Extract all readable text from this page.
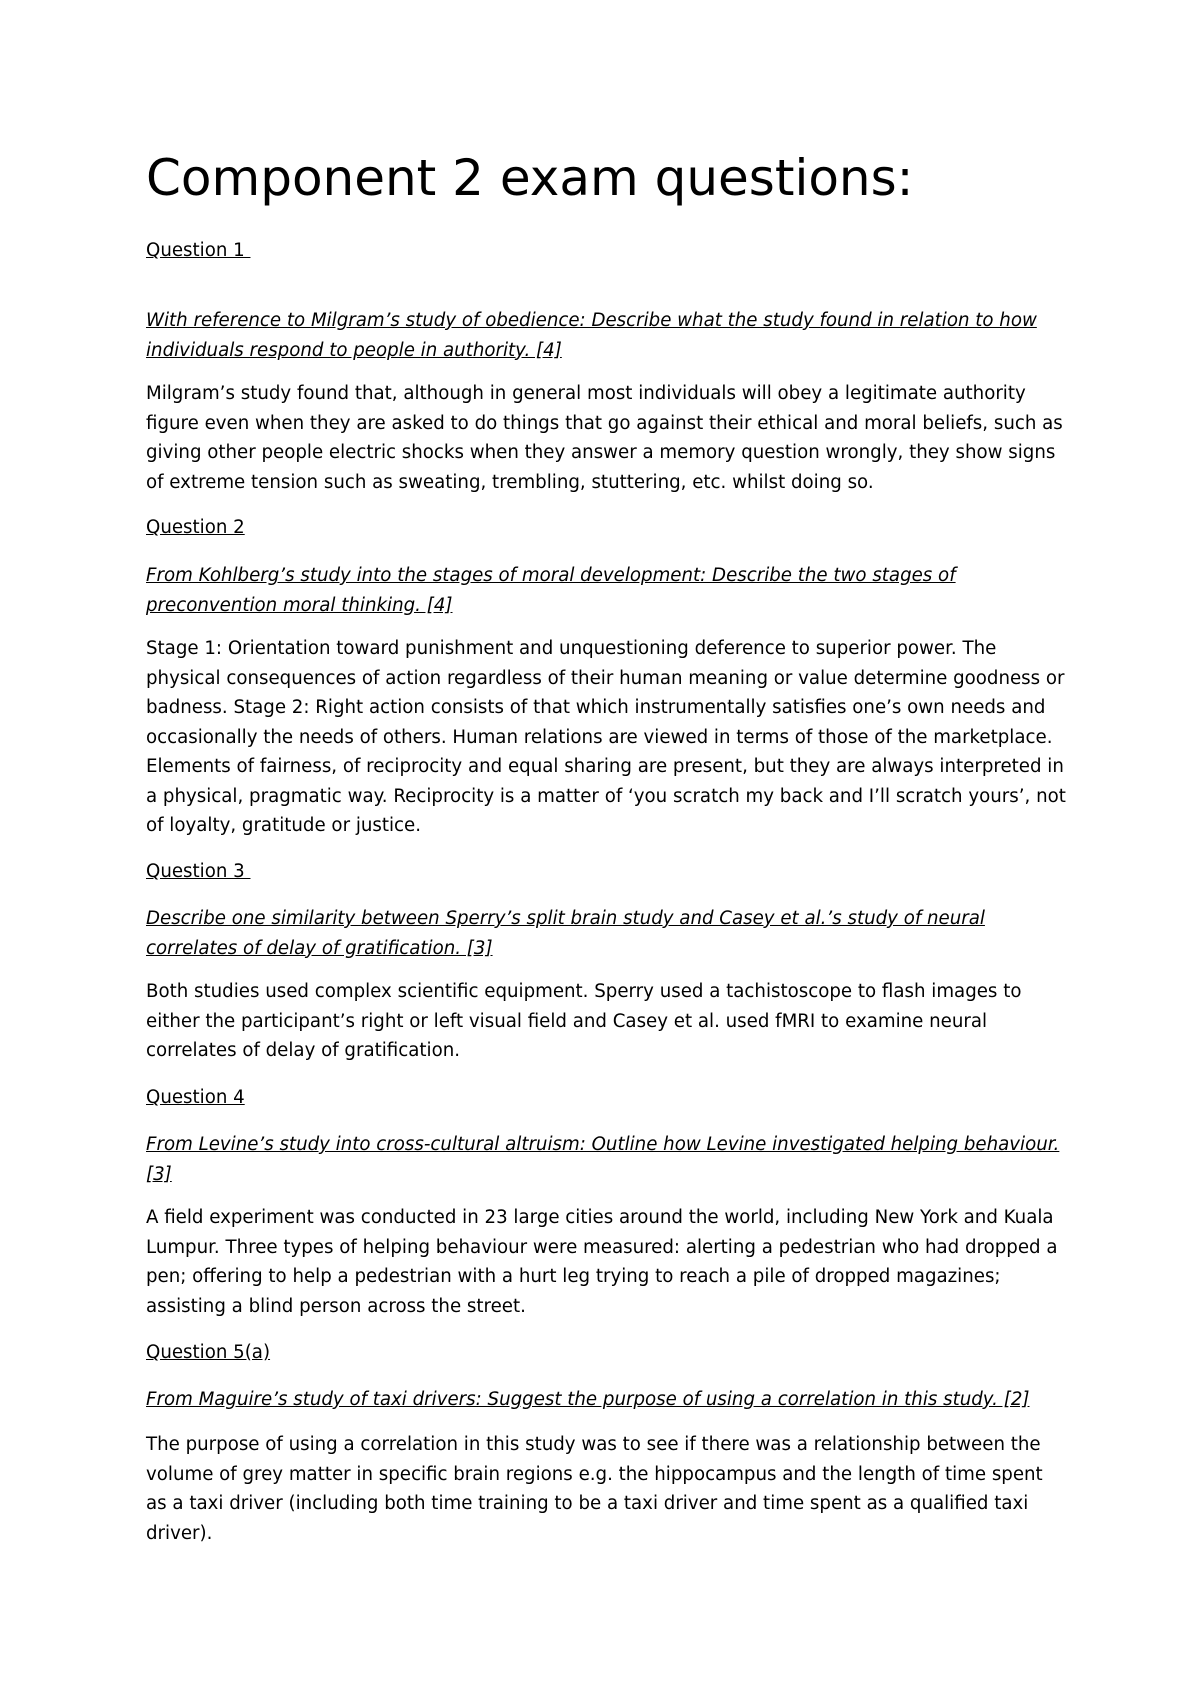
Component 2 exam questions:
Question 1
With reference to Milgram’s study of obedience: Describe what the study found in relation to how individuals respond to people in authority. [4]
Milgram’s study found that, although in general most individuals will obey a legitimate authority figure even when they are asked to do things that go against their ethical and moral beliefs, such as giving other people electric shocks when they answer a memory question wrongly, they show signs of extreme tension such as sweating, trembling, stuttering, etc. whilst doing so.
Question 2
From Kohlberg’s study into the stages of moral development: Describe the two stages of preconvention moral thinking. [4]
Stage 1: Orientation toward punishment and unquestioning deference to superior power. The physical consequences of action regardless of their human meaning or value determine goodness or badness. Stage 2: Right action consists of that which instrumentally satisfies one’s own needs and occasionally the needs of others. Human relations are viewed in terms of those of the marketplace. Elements of fairness, of reciprocity and equal sharing are present, but they are always interpreted in a physical, pragmatic way. Reciprocity is a matter of ‘you scratch my back and I’ll scratch yours’, not of loyalty, gratitude or justice.
Question 3
Describe one similarity between Sperry’s split brain study and Casey et al.’s study of neural correlates of delay of gratification. [3]
Both studies used complex scientific equipment. Sperry used a tachistoscope to flash images to either the participant’s right or left visual field and Casey et al. used fMRI to examine neural correlates of delay of gratification.
Question 4
From Levine’s study into cross-cultural altruism: Outline how Levine investigated helping behaviour. [3]
A field experiment was conducted in 23 large cities around the world, including New York and Kuala Lumpur. Three types of helping behaviour were measured: alerting a pedestrian who had dropped a pen; offering to help a pedestrian with a hurt leg trying to reach a pile of dropped magazines; assisting a blind person across the street.
Question 5(a)
From Maguire’s study of taxi drivers: Suggest the purpose of using a correlation in this study. [2]
The purpose of using a correlation in this study was to see if there was a relationship between the volume of grey matter in specific brain regions e.g. the hippocampus and the length of time spent as a taxi driver (including both time training to be a taxi driver and time spent as a qualified taxi driver).
